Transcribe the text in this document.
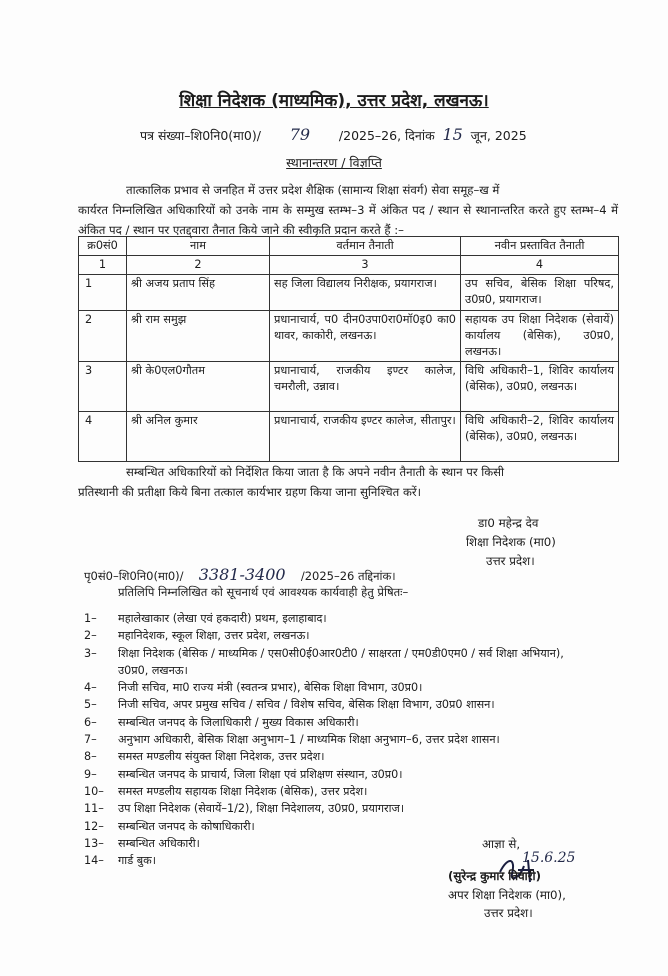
शिक्षा निदेशक (माध्यमिक), उत्तर प्रदेश, लखनऊ।
पत्र संख्या–शि0नि0(मा0)/ 79 /2025–26, दिनांक 15 जून, 2025
स्थानान्तरण / विज्ञप्ति
तात्कालिक प्रभाव से जनहित में उत्तर प्रदेश शैक्षिक (सामान्य शिक्षा संवर्ग) सेवा समूह–ख में
कार्यरत निम्नलिखित अधिकारियों को उनके नाम के सम्मुख स्तम्भ–3 में अंकित पद / स्थान से स्थानान्तरित करते हुए स्तम्भ–4 में अंकित पद / स्थान पर एतद्द्वारा तैनात किये जाने की स्वीकृति प्रदान करते हैं :–
क्र0सं0	नाम	वर्तमान तैनाती	नवीन प्रस्तावित तैनाती
1	2	3	4
1	श्री अजय प्रताप सिंह	सह जिला विद्यालय निरीक्षक, प्रयागराज।	उप सचिव, बेसिक शिक्षा परिषद, उ0प्र0, प्रयागराज।
2	श्री राम समुझ	प्रधानाचार्य, प0 दीन0उपा0रा0मॉ0इ0 का0 थावर, काकोरी, लखनऊ।	सहायक उप शिक्षा निदेशक (सेवायें) कार्यालय (बेसिक), उ0प्र0, लखनऊ।
3	श्री के0एल0गौतम	प्रधानाचार्य, राजकीय इण्टर कालेज, चमरौली, उन्नाव।	विधि अधिकारी–1, शिविर कार्यालय (बेसिक), उ0प्र0, लखनऊ।
4	श्री अनिल कुमार	प्रधानाचार्य, राजकीय इण्टर कालेज, सीतापुर।	विधि अधिकारी–2, शिविर कार्यालय (बेसिक), उ0प्र0, लखनऊ।
सम्बन्धित अधिकारियों को निर्देशित किया जाता है कि अपने नवीन तैनाती के स्थान पर किसी
प्रतिस्थानी की प्रतीक्षा किये बिना तत्काल कार्यभार ग्रहण किया जाना सुनिश्चित करें।
डा0 महेन्द्र देव
शिक्षा निदेशक (मा0)
उत्तर प्रदेश।
पृ0सं0–शि0नि0(मा0)/ 3381-3400 /2025–26 तद्दिनांक।
प्रतिलिपि निम्नलिखित को सूचनार्थ एवं आवश्यक कार्यवाही हेतु प्रेषितः–
1– महालेखाकार (लेखा एवं हकदारी) प्रथम, इलाहाबाद।
2– महानिदेशक, स्कूल शिक्षा, उत्तर प्रदेश, लखनऊ।
3– शिक्षा निदेशक (बेसिक / माध्यमिक / एस0सी0ई0आर0टी0 / साक्षरता / एम0डी0एम0 / सर्व शिक्षा अभियान),
उ0प्र0, लखनऊ।
4– निजी सचिव, मा0 राज्य मंत्री (स्वतन्त्र प्रभार), बेसिक शिक्षा विभाग, उ0प्र0।
5– निजी सचिव, अपर प्रमुख सचिव / सचिव / विशेष सचिव, बेसिक शिक्षा विभाग, उ0प्र0 शासन।
6– सम्बन्धित जनपद के जिलाधिकारी / मुख्य विकास अधिकारी।
7– अनुभाग अधिकारी, बेसिक शिक्षा अनुभाग–1 / माध्यमिक शिक्षा अनुभाग–6, उत्तर प्रदेश शासन।
8– समस्त मण्डलीय संयुक्त शिक्षा निदेशक, उत्तर प्रदेश।
9– सम्बन्धित जनपद के प्राचार्य, जिला शिक्षा एवं प्रशिक्षण संस्थान, उ0प्र0।
10– समस्त मण्डलीय सहायक शिक्षा निदेशक (बेसिक), उत्तर प्रदेश।
11– उप शिक्षा निदेशक (सेवायें–1/2), शिक्षा निदेशालय, उ0प्र0, प्रयागराज।
12– सम्बन्धित जनपद के कोषाधिकारी।
13– सम्बन्धित अधिकारी।
14– गार्ड बुक।
आज्ञा से,
15.6.25
(सुरेन्द्र कुमार तिवारी)
अपर शिक्षा निदेशक (मा0),
उत्तर प्रदेश।
